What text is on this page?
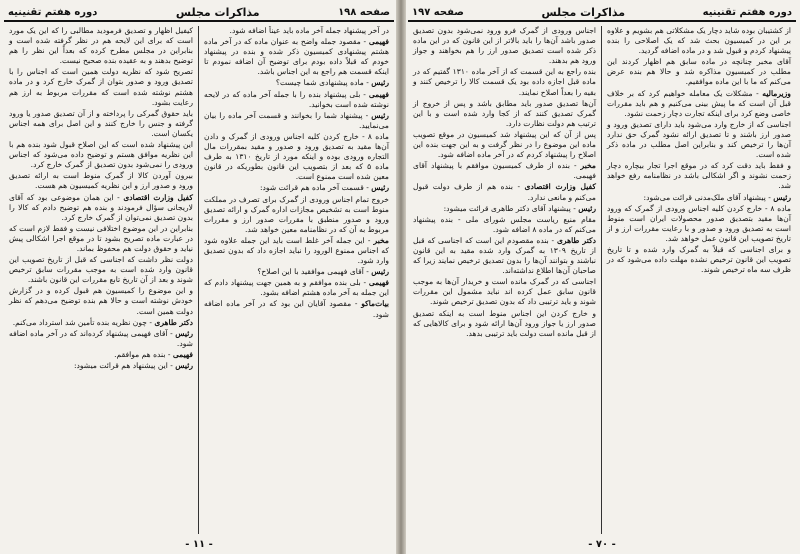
صفحه ۱۹۸
مذاکرات مجلس
دوره هفتم تقنینیه

در آخر پیشنهاد جمله آخر ماده باید عیناً اضافه شود.

فهیمی - مقصود جمله واضح به عنوان ماده که در آخر ماده هشتم پیشنهادی کمیسیون ذکر شده و بنده در پیشنهاد خودم که قبلاً داده بودم برای توضیح آن اضافه نمودم تا اینکه قسمت هم راجع به این اجناس باشد.

رئیس - ماده پیشنهادی شما چیست؟

فهیمی - بلی پیشنهاد بنده را با جمله آخر ماده که در لایحه نوشته شده است بخوانید.

رئیس - پیشنهاد شما را بخوانند و قسمت آخر ماده را بیان می‌نمایید.

ماده ۸ - خارج کردن کلیه اجناس ورودی از گمرک و دادن آن‌ها مقید به تصدیق ورود و صدور و مقید بمقررات مال التجاره ورودی بوده و اینکه مورد از تاریخ ۱۳۱۰ به طرف ماده ۵ که بعد از بتصویب این قانون بطوریکه در قانون معین شده است ممنوع است.

رئیس - قسمت آخر ماده هم قرائت شود:

خروج تمام اجناس ورودی از گمرک برای تصرف در مملکت منوط است به تشخیص مجازات اداره گمرک و ارائه تصدیق ورود و صدور منطبق با مقررات صدور ارز و مقررات مربوط به آن که در نظامنامه معین خواهد شد.

مخبر - این جمله آخر غلط است باید این جمله علاوه شود که اجناس ممنوع الورود را نباید اجازه داد که بدون تصدیق وارد شود.

رئیس - آقای فهیمی موافقید با این اصلاح؟

فهیمی - بلی بنده موافقم و به همین جهت پیشنهاد دادم که این جمله به آخر ماده هشتم اضافه بشود.

بیات‌ماکو - مقصود آقایان این بود که در آخر ماده اضافه شود.

کیفیل اظهار و تصدیق فرمودید مطالبی را که این یک مورد است که برای این لایحه هم در نظر گرفته شده است و بنابراین در مجلس مطرح کرده که بعداً این نظر را هم توضیح بدهند و به عقیده بنده صحیح نیست.

تصریح شود که نظریه دولت همین است که اجناس را با تصدیق ورود و صدور بتوان از گمرک خارج کرد و در ماده هشتم نوشته شده است که مقررات مربوط به ارز هم رعایت بشود.

باید حقوق گمرکی را پرداخته و از آن تصدیق صدور یا ورود گرفته و جنس را خارج کنند و این اصل برای همه اجناس یکسان است.

این پیشنهاد شده است که این اصلاح قبول شود بنده هم با این نظریه موافق هستم و توضیح داده می‌شود که اجناس ورودی را نمی‌شود بدون تصدیق از گمرک خارج کرد.

بیرون آوردن کالا از گمرک منوط است به ارائه تصدیق ورود و صدور ارز و این نظریه کمیسیون هم هست.

کفیل وزارت اقتصادی - این همان موضوعی بود که آقای لاریجانی سؤال فرمودند و بنده هم توضیح دادم که کالا را بدون تصدیق نمی‌توان از گمرک خارج کرد.

بنابراین در این موضوع اختلافی نیست و فقط لازم است که در عبارت ماده تصریح بشود تا در موقع اجرا اشکالی پیش نیاید و حقوق دولت هم محفوظ بماند.

دولت نظر داشت که اجناسی که قبل از تاریخ تصویب این قانون وارد شده است به موجب مقررات سابق ترخیص شوند و بعد از آن تاریخ تابع مقررات این قانون باشند.

و این موضوع را کمیسیون هم قبول کرده و در گزارش خودش نوشته است و حالا هم بنده توضیح می‌دهم که نظر دولت همین است.

دکتر طاهری - چون نظریه بنده تأمین شد استرداد می‌کنم.

رئیس - آقای فهیمی پیشنهاد کرده‌اند که در آخر ماده اضافه شود.

فهیمی - بنده هم موافقم.

رئیس - این پیشنهاد هم قرائت میشود:

- ۱۱ -
دوره هفتم تقنینیه
مذاکرات مجلس
صفحه ۱۹۷

از کشتیبان بوده شاید دچار یک مشکلاتی هم بشویم و علاوه بر این در کمیسیون بحث شد که یک اصلاحی را بنده پیشنهاد کردم و قبول شد و در ماده اضافه گردید.

آقای مخبر چنانچه در ماده سابق هم اظهار کردند این مطلب در کمیسیون مذاکره شد و حالا هم بنده عرض می‌کنم که ما با این ماده موافقیم.

وزیرمالیه - مشکلات یک معامله خواهیم کرد که بر خلاف قبل آن است که ما پیش بینی می‌کنیم و هم باید مقررات خاصی وضع کرد برای اینکه تجارت دچار زحمت نشود.

اجناسی که از خارج وارد می‌شود باید دارای تصدیق ورود و صدور ارز باشند و تا تصدیق ارائه نشود گمرک حق ندارد آن‌ها را ترخیص کند و بنابراین اصل مطلب در ماده ذکر شده است.

و فقط باید دقت کرد که در موقع اجرا تجار بیچاره دچار زحمت نشوند و اگر اشکالی باشد در نظامنامه رفع خواهد شد.

رئیس - پیشنهاد آقای ملک‌مدنی قرائت می‌شود:

ماده ۸ - خارج کردن کلیه اجناس ورودی از گمرک که ورود آن‌ها مقید بتصدیق صدور محصولات ایران است منوط است به تصدیق ورود و صدور و با رعایت مقررات ارز و از تاریخ تصویب این قانون عمل خواهد شد.

و برای اجناسی که قبلاً به گمرک وارد شده و تا تاریخ تصویب این قانون ترخیص نشده مهلت داده می‌شود که در ظرف سه ماه ترخیص شوند.

اجناس ورودی از گمرک فرو ورود نمی‌شود بدون تصدیق صدور باشد آن‌ها را باید بالاتر از این قانون که در این ماده ذکر شده است تصدیق صدور ارز را هم بخواهند و جواز ورود هم بدهند.

بنده راجع به این قسمت که از آخر ماده ۱۳۱۰ گفتیم که در ماده قبل اجازه داده بود یک قسمت کالا را ترخیص کنند و بقیه را بعداً اصلاح نمایند.

آن‌ها تصدیق صدور باید مطابق باشد و پس از خروج از گمرک تصدیق کنند که از کجا وارد شده است و با این ترتیب هم دولت نظارت دارد.

پس از آن که این پیشنهاد شد کمیسیون در موقع تصویب ماده این موضوع را در نظر گرفت و به این جهت بنده این اصلاح را پیشنهاد کردم که در آخر ماده اضافه شود.

مخبر - بنده از طرف کمیسیون موافقم با پیشنهاد آقای فهیمی.

کفیل وزارت اقتصادی - بنده هم از طرف دولت قبول می‌کنم و مانعی ندارد.

رئیس - پیشنهاد آقای دکتر طاهری قرائت میشود:

مقام منیع ریاست مجلس شورای ملی - بنده پیشنهاد می‌کنم که در ماده ۸ اضافه شود.

دکتر طاهری - بنده مقصودم این است که اجناسی که قبل از تاریخ ۱۳۰۹ به گمرک وارد شده مقید به این قانون نباشند و بتوانند آن‌ها را بدون تصدیق ترخیص نمایند زیرا که صاحبان آن‌ها اطلاع نداشته‌اند.

اجناسی که در گمرک مانده است و خریدار آن‌ها به موجب قانون سابق عمل کرده اند نباید مشمول این مقررات شوند و باید ترتیبی داد که بدون تصدیق ترخیص شوند.

و خارج کردن این اجناس منوط است به اینکه تصدیق صدور ارز یا جواز ورود آن‌ها ارائه شود و برای کالاهایی که از قبل مانده است دولت باید ترتیبی بدهد.

- ۷۰ -
